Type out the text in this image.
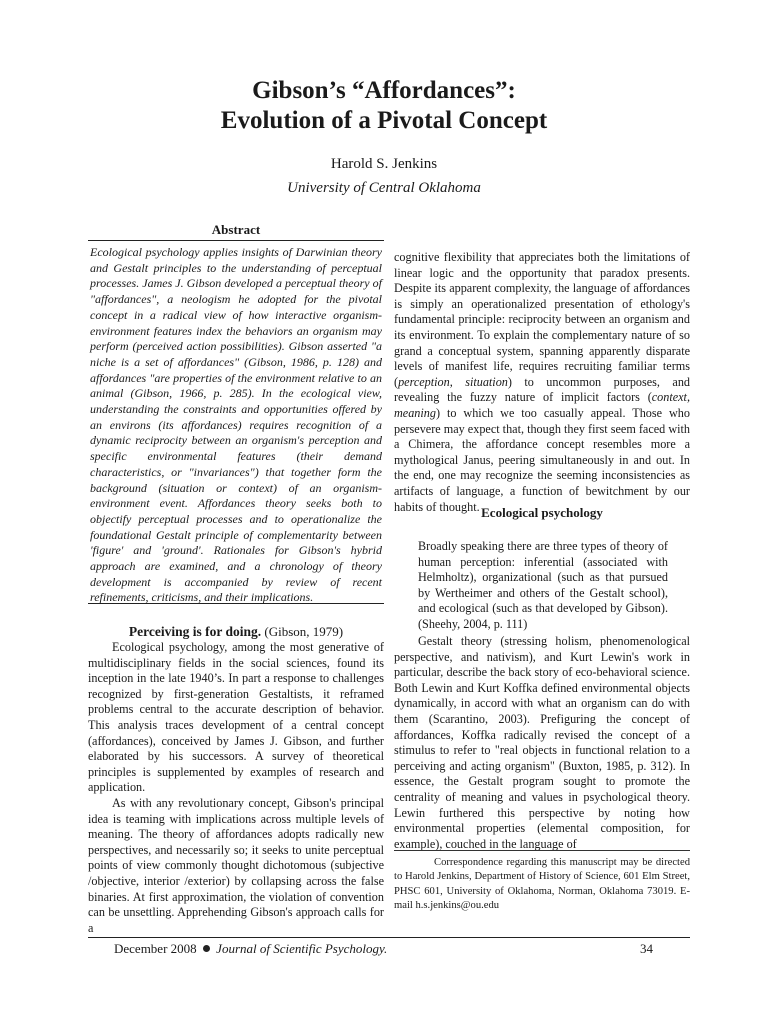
Gibson’s “Affordances”:
Evolution of a Pivotal Concept
Harold S. Jenkins
University of Central Oklahoma
Abstract

Ecological psychology applies insights of Darwinian theory and Gestalt principles to the understanding of perceptual processes. James J. Gibson developed a perceptual theory of "affordances", a neologism he adopted for the pivotal concept in a radical view of how interactive organism-environment features index the behaviors an organism may perform (perceived action possibilities). Gibson asserted "a niche is a set of affordances" (Gibson, 1986, p. 128) and affordances "are properties of the environment relative to an animal (Gibson, 1966, p. 285). In the ecological view, understanding the constraints and opportunities offered by an environs (its affordances) requires recognition of a dynamic reciprocity between an organism's perception and specific environmental features (their demand characteristics, or "invariances") that together form the background (situation or context) of an organism-environment event. Affordances theory seeks both to objectify perceptual processes and to operationalize the foundational Gestalt principle of complementarity between 'figure' and 'ground'. Rationales for Gibson's hybrid approach are examined, and a chronology of theory development is accompanied by review of recent refinements, criticisms, and their implications.

Perceiving is for doing. (Gibson, 1979)

Ecological psychology, among the most generative of multidisciplinary fields in the social sciences, found its inception in the late 1940’s. In part a response to challenges recognized by first-generation Gestaltists, it reframed problems central to the accurate description of behavior. This analysis traces development of a central concept (affordances), conceived by James J. Gibson, and further elaborated by his successors. A survey of theoretical principles is supplemented by examples of research and application.

As with any revolutionary concept, Gibson's principal idea is teaming with implications across multiple levels of meaning. The theory of affordances adopts radically new perspectives, and necessarily so; it seeks to unite perceptual points of view commonly thought dichotomous (subjective /objective, interior /exterior) by collapsing across the false binaries. At first approximation, the violation of convention can be unsettling. Apprehending Gibson's approach calls for a

cognitive flexibility that appreciates both the limitations of linear logic and the opportunity that paradox presents. Despite its apparent complexity, the language of affordances is simply an operationalized presentation of ethology's fundamental principle: reciprocity between an organism and its environment. To explain the complementary nature of so grand a conceptual system, spanning apparently disparate levels of manifest life, requires recruiting familiar terms (perception, situation) to uncommon purposes, and revealing the fuzzy nature of implicit factors (context, meaning) to which we too casually appeal. Those who persevere may expect that, though they first seem faced with a Chimera, the affordance concept resembles more a mythological Janus, peering simultaneously in and out. In the end, one may recognize the seeming inconsistencies as artifacts of language, a function of bewitchment by our habits of thought. Ecological psychology

Broadly speaking there are three types of theory of human perception: inferential (associated with Helmholtz), organizational (such as that pursued by Wertheimer and others of the Gestalt school), and ecological (such as that developed by Gibson).(Sheehy, 2004, p. 111)

Gestalt theory (stressing holism, phenomenological perspective, and nativism), and Kurt Lewin's work in particular, describe the back story of eco-behavioral science. Both Lewin and Kurt Koffka defined environmental objects dynamically, in accord with what an organism can do with them (Scarantino, 2003). Prefiguring the concept of affordances, Koffka radically revised the concept of a stimulus to refer to "real objects in functional relation to a perceiving and acting organism" (Buxton, 1985, p. 312). In essence, the Gestalt program sought to promote the centrality of meaning and values in psychological theory. Lewin furthered this perspective by noting how environmental properties (elemental composition, for example), couched in the language of

Correspondence regarding this manuscript may be directed to Harold Jenkins, Department of History of Science, 601 Elm Street, PHSC 601, University of Oklahoma, Norman, Oklahoma 73019. E-mail h.s.jenkins@ou.edu

December 2008 Journal of Scientific Psychology.	34
